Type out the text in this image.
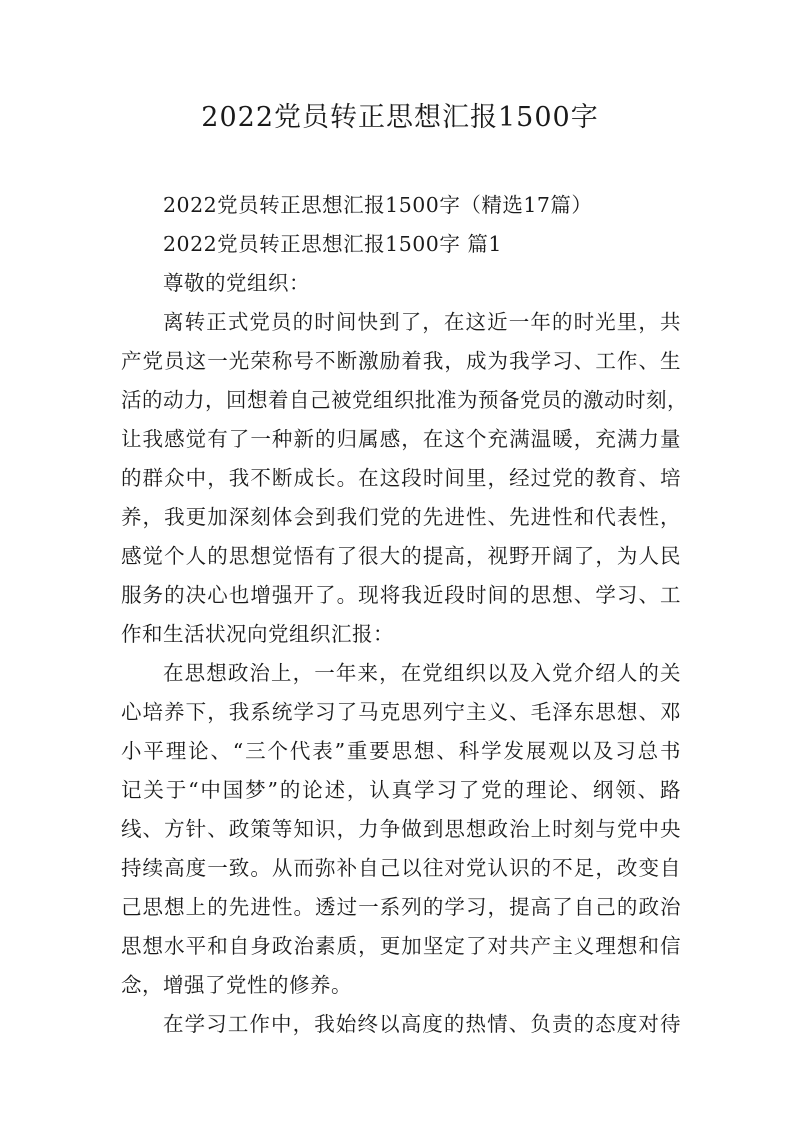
2022党员转正思想汇报1500字
2022党员转正思想汇报1500字（精选17篇）
2022党员转正思想汇报1500字 篇1
尊敬的党组织：
离转正式党员的时间快到了，在这近一年的时光里，共
产党员这一光荣称号不断激励着我，成为我学习、工作、生
活的动力，回想着自己被党组织批准为预备党员的激动时刻，
让我感觉有了一种新的归属感，在这个充满温暖，充满力量
的群众中，我不断成长。在这段时间里，经过党的教育、培
养，我更加深刻体会到我们党的先进性、先进性和代表性，
感觉个人的思想觉悟有了很大的提高，视野开阔了，为人民
服务的决心也增强开了。现将我近段时间的思想、学习、工
作和生活状况向党组织汇报：
在思想政治上，一年来，在党组织以及入党介绍人的关
心培养下，我系统学习了马克思列宁主义、毛泽东思想、邓
小平理论、“三个代表”重要思想、科学发展观以及习总书
记关于“中国梦”的论述，认真学习了党的理论、纲领、路
线、方针、政策等知识，力争做到思想政治上时刻与党中央
持续高度一致。从而弥补自己以往对党认识的不足，改变自
己思想上的先进性。透过一系列的学习，提高了自己的政治
思想水平和自身政治素质，更加坚定了对共产主义理想和信
念，增强了党性的修养。
在学习工作中，我始终以高度的热情、负责的态度对待
